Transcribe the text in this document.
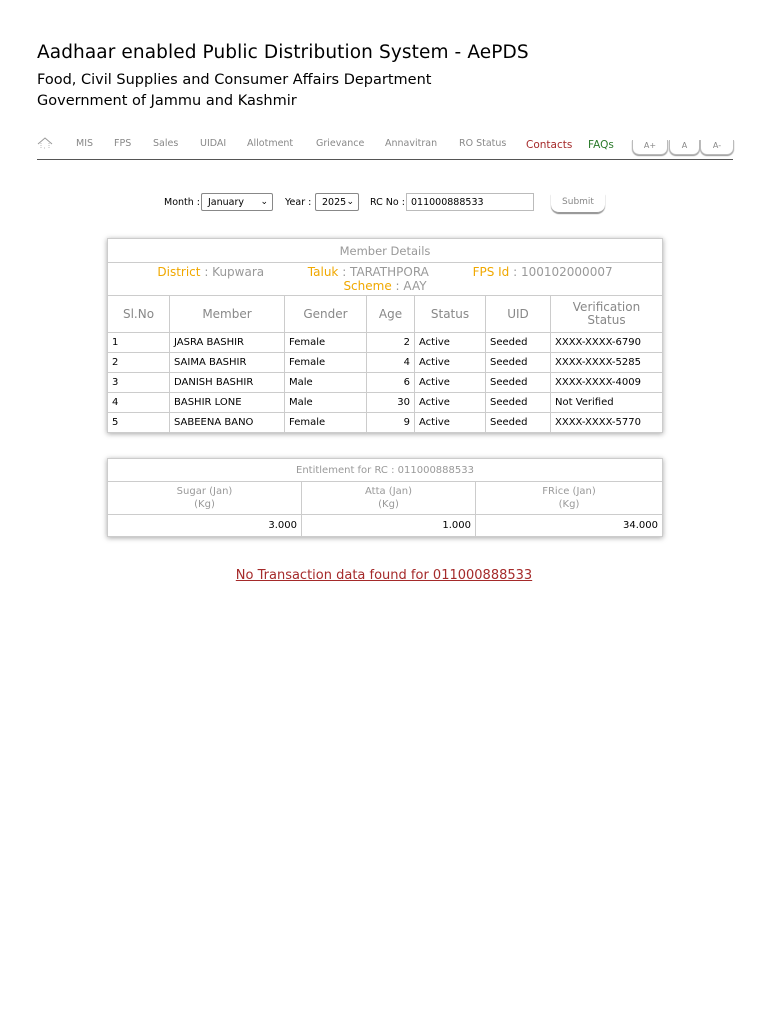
Aadhaar enabled Public Distribution System - AePDS
Food, Civil Supplies and Consumer Affairs Department
Government of Jammu and Kashmir
MIS FPS Sales UIDAI Allotment Grievance Annavitran RO Status Contacts FAQs	A+	A	A-
Month : January ⌄ Year :	2025 ⌄ RC No : 011000888533	Submit
Member Details						
District : Kupwara Taluk : TARATHPORA FPS Id : 100102000007
Scheme : AAY						
Sl.No	Member	Gender	Age	Status	UID	Verification Status
1	JASRA BASHIR	Female	2	Active	Seeded	XXXX-XXXX-6790
2	SAIMA BASHIR	Female	4	Active	Seeded	XXXX-XXXX-5285
3	DANISH BASHIR	Male	6	Active	Seeded	XXXX-XXXX-4009
4	BASHIR LONE	Male	30	Active	Seeded	Not Verified
5	SABEENA BANO	Female	9	Active	Seeded	XXXX-XXXX-5770
Entitlement for RC : 011000888533		
Sugar (Jan)
(Kg)	Atta (Jan)
(Kg)	FRice (Jan)
(Kg)
3.000	1.000	34.000
No Transaction data found for 011000888533
